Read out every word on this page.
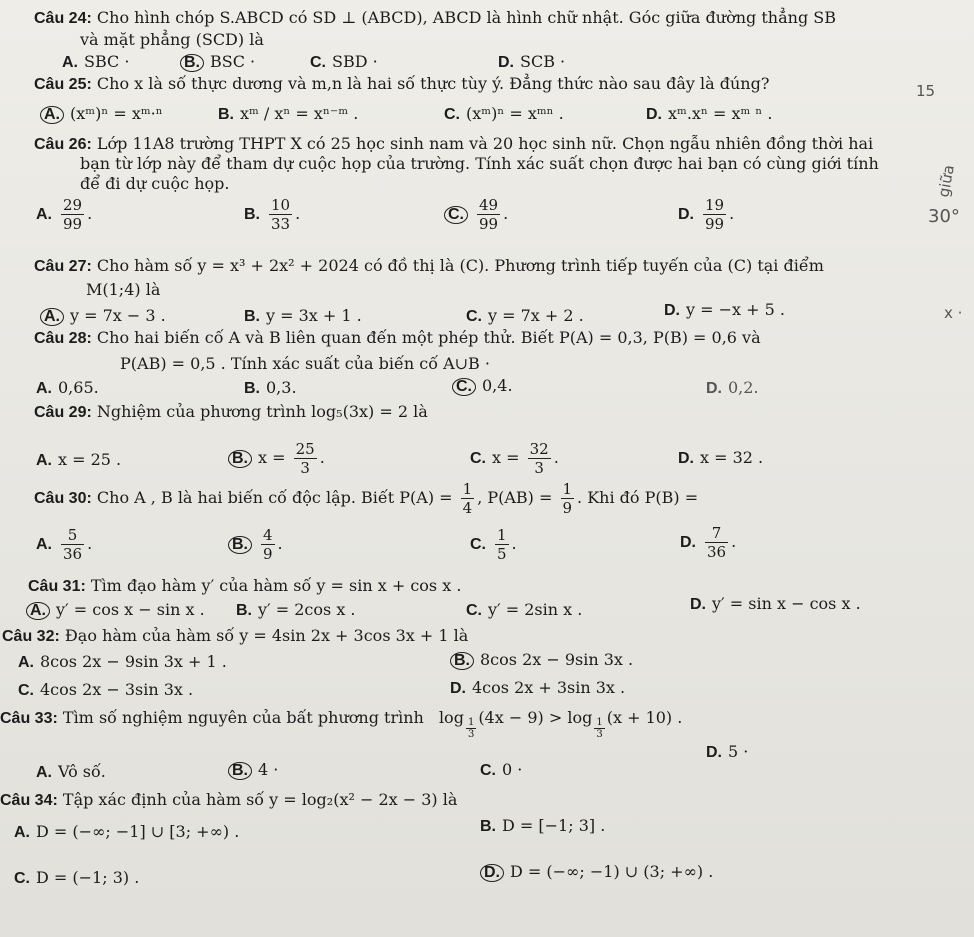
Câu 24: Cho hình chóp S.ABCD có SD ⊥ (ABCD), ABCD là hình chữ nhật. Góc giữa đường thẳng SB
và mặt phẳng (SCD) là
A. SBC ·	B. BSC ·	C. SBD ·	D. SCB ·
Câu 25: Cho x là số thực dương và m,n là hai số thực tùy ý. Đẳng thức nào sau đây là đúng?
A. (xᵐ)ⁿ = xᵐ·ⁿ	B. xᵐ / xⁿ = xⁿ⁻ᵐ .	C. (xᵐ)ⁿ = xᵐⁿ .	D. xᵐ.xⁿ = xᵐ ⁿ .
Câu 26: Lớp 11A8 trường THPT X có 25 học sinh nam và 20 học sinh nữ. Chọn ngẫu nhiên đồng thời hai
bạn từ lớp này để tham dự cuộc họp của trường. Tính xác suất chọn được hai bạn có cùng giới tính
để đi dự cuộc họp.
A. $\frac{29}{99}$ .	B. $\frac{10}{33}$ .	C. $\frac{49}{99}$ .	D. $\frac{19}{99}$ .
Câu 27: Cho hàm số y = x³ + 2x² + 2024 có đồ thị là (C). Phương trình tiếp tuyến của (C) tại điểm
M(1;4) là
A. y = 7x − 3 .	B. y = 3x + 1 .	C. y = 7x + 2 .	D. y = −x + 5 .
Câu 28: Cho hai biến cố A và B liên quan đến một phép thử. Biết P(A) = 0,3, P(B) = 0,6 và
P(AB) = 0,5 . Tính xác suất của biến cố A∪B ·
A. 0,65.	B. 0,3.	C. 0,4.	D. 0,2.
Câu 29: Nghiệm của phương trình log₅(3x) = 2 là
A. x = 25 .	B. $x = \frac{25}{3}$ .	C. $x = \frac{32}{3}$ .	D. x = 32 .
Câu 30: Cho A , B là hai biến cố độc lập. Biết $P(A) = \frac{1}{4}$ , $P(AB) = \frac{1}{9}$ . Khi đó P(B) =
A. $\frac{5}{36}$ .	B. $\frac{4}{9}$ .	C. $\frac{1}{5}$ .	D. $\frac{7}{36}$ .
Câu 31: Tìm đạo hàm y′ của hàm số y = sin x + cos x .
A. y′ = cos x − sin x . B. y′ = 2cos x .	C. y′ = 2sin x .	D. y′ = sin x − cos x .
Câu 32: Đạo hàm của hàm số y = 4sin 2x + 3cos 3x + 1 là
A. 8cos 2x − 9sin 3x + 1 .	B. 8cos 2x − 9sin 3x .
C. 4cos 2x − 3sin 3x .	D. 4cos 2x + 3sin 3x .
Câu 33: Tìm số nghiệm nguyên của bất phương trình $\log \frac{1}{3} (4x - 9) > \log \frac{1}{3} (x + 10)$ .
A. Vô số.	B. 4 ·	C. 0 ·
D. 5 ·
Câu 34: Tập xác định của hàm số y = log₂(x² − 2x − 3) là
A. D = (−∞; −1] ∪ [3; +∞) .	B. D = [−1; 3] .
C. D = (−1; 3) .	D. D = (−∞; −1) ∪ (3; +∞) .
15
giữa
30°
x ·
